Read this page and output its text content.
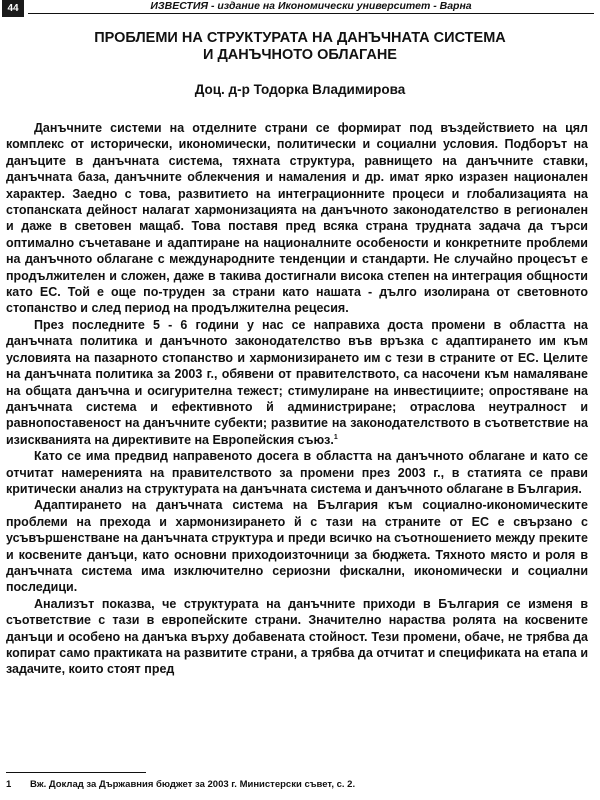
44	ИЗВЕСТИЯ - издание на Икономически университет - Варна
ПРОБЛЕМИ НА СТРУКТУРАТА НА ДАНЪЧНАТА СИСТЕМА
И ДАНЪЧНОТО ОБЛАГАНЕ

Доц. д-р Тодорка Владимирова

Данъчните системи на отделните страни се формират под въздействието на цял комплекс от исторически, икономически, политически и социални условия. Подборът на данъците в данъчната система, тяхната структура, равнището на данъчните ставки, данъчната база, данъчните облекчения и намаления и др. имат ярко изразен национален характер. Заедно с това, развитието на интеграционните процеси и глобализацията на стопанската дейност налагат хармонизацията на данъчното законодателство в регионален и даже в световен мащаб. Това поставя пред всяка страна трудната задача да търси оптимално съчетаване и адаптиране на националните особености и конкретните проблеми на данъчното облагане с международните тенденции и стандарти. Не случайно процесът е продължителен и сложен, даже в такива достигнали висока степен на интеграция общности като ЕС. Той е още по-труден за страни като нашата - дълго изолирана от световното стопанство и след период на продължителна рецесия.

През последните 5 - 6 години у нас се направиха доста промени в областта на данъчната политика и данъчното законодателство във връзка с адаптирането им към условията на пазарното стопанство и хармонизирането им с тези в страните от ЕС. Целите на данъчната политика за 2003 г., обявени от правителството, са насочени към намаляване на общата данъчна и осигурителна тежест; стимулиране на инвестициите; опростяване на данъчната система и ефективното й администриране; отраслова неутралност и равнопоставеност на данъчните субекти; развитие на законодателството в съответствие на изискванията на директивите на Европейския съюз.$^1$

Като се има предвид направеното досега в областта на данъчното облагане и като се отчитат намеренията на правителството за промени през 2003 г., в статията се прави критически анализ на структурата на данъчната система и данъчното облагане в България.

Адаптирането на данъчната система на България към социално-икономическите проблеми на прехода и хармонизирането й с тази на страните от ЕС е свързано с усъвършенстване на данъчната структура и преди всичко на съотношението между преките и косвените данъци, като основни приходоизточници за бюджета. Тяхното място и роля в данъчната система има изключително сериозни фискални, икономически и социални последици.

Анализът показва, че структурата на данъчните приходи в България се изменя в съответствие с тази в европейските страни. Значително нараства ролята на косвените данъци и особено на данъка върху добавената стойност. Тези промени, обаче, не трябва да копират само практиката на развитите страни, а трябва да отчитат и спецификата на етапа и задачите, които стоят пред

1 Вж. Доклад за Държавния бюджет за 2003 г. Министерски съвет, с. 2.
